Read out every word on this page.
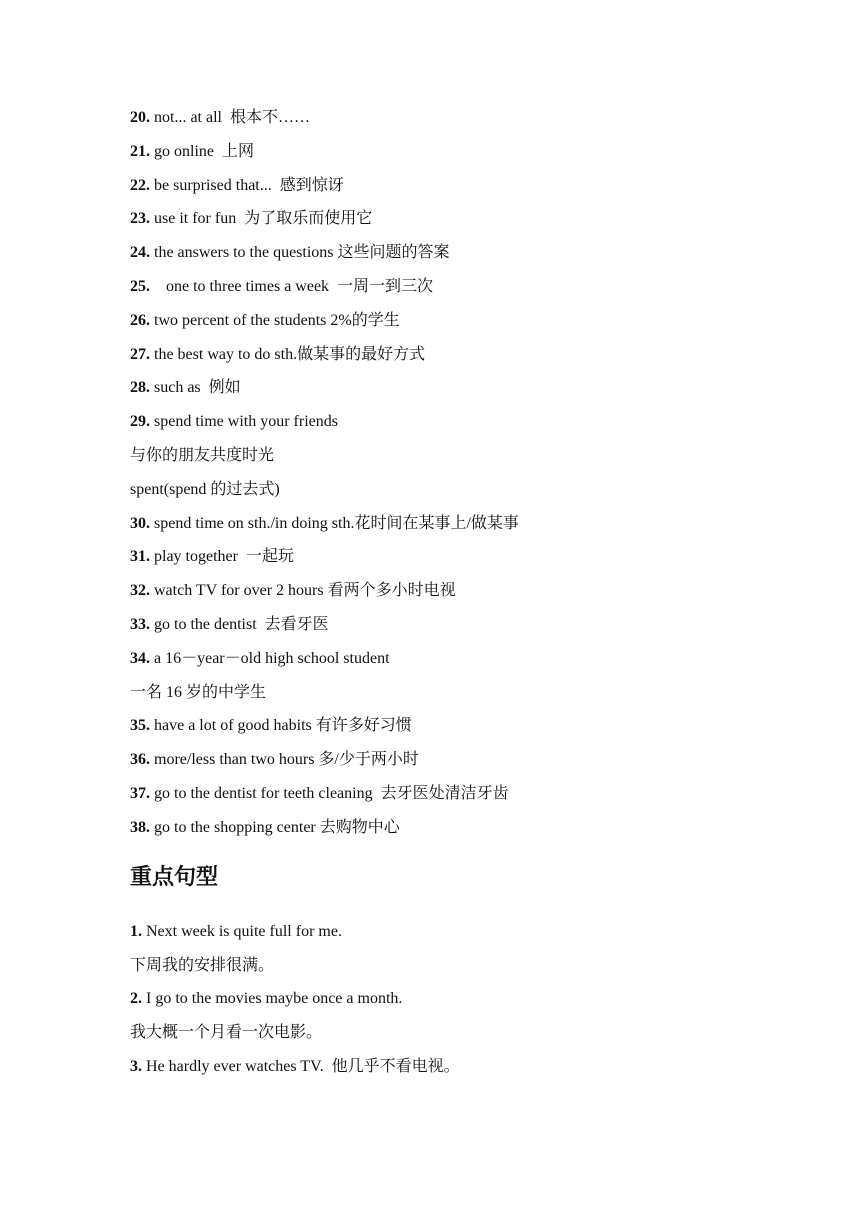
20. not... at all  根本不……
21. go online  上网
22. be surprised that...  感到惊讶
23. use it for fun  为了取乐而使用它
24. the answers to the questions 这些问题的答案
25.    one to three times a week  一周一到三次
26. two percent of the students 2%的学生
27. the best way to do sth.做某事的最好方式
28. such as  例如
29. spend time with your friends
与你的朋友共度时光
spent(spend 的过去式)
30. spend time on sth./in doing sth.花时间在某事上/做某事
31. play together  一起玩
32. watch TV for over 2 hours 看两个多小时电视
33. go to the dentist  去看牙医
34. a 16－year－old high school student
一名 16 岁的中学生
35. have a lot of good habits 有许多好习惯
36. more/less than two hours 多/少于两小时
37. go to the dentist for teeth cleaning  去牙医处清洁牙齿
38. go to the shopping center 去购物中心
重点句型
1. Next week is quite full for me.
下周我的安排很满。
2. I go to the movies maybe once a month.
我大概一个月看一次电影。
3. He hardly ever watches TV.  他几乎不看电视。
